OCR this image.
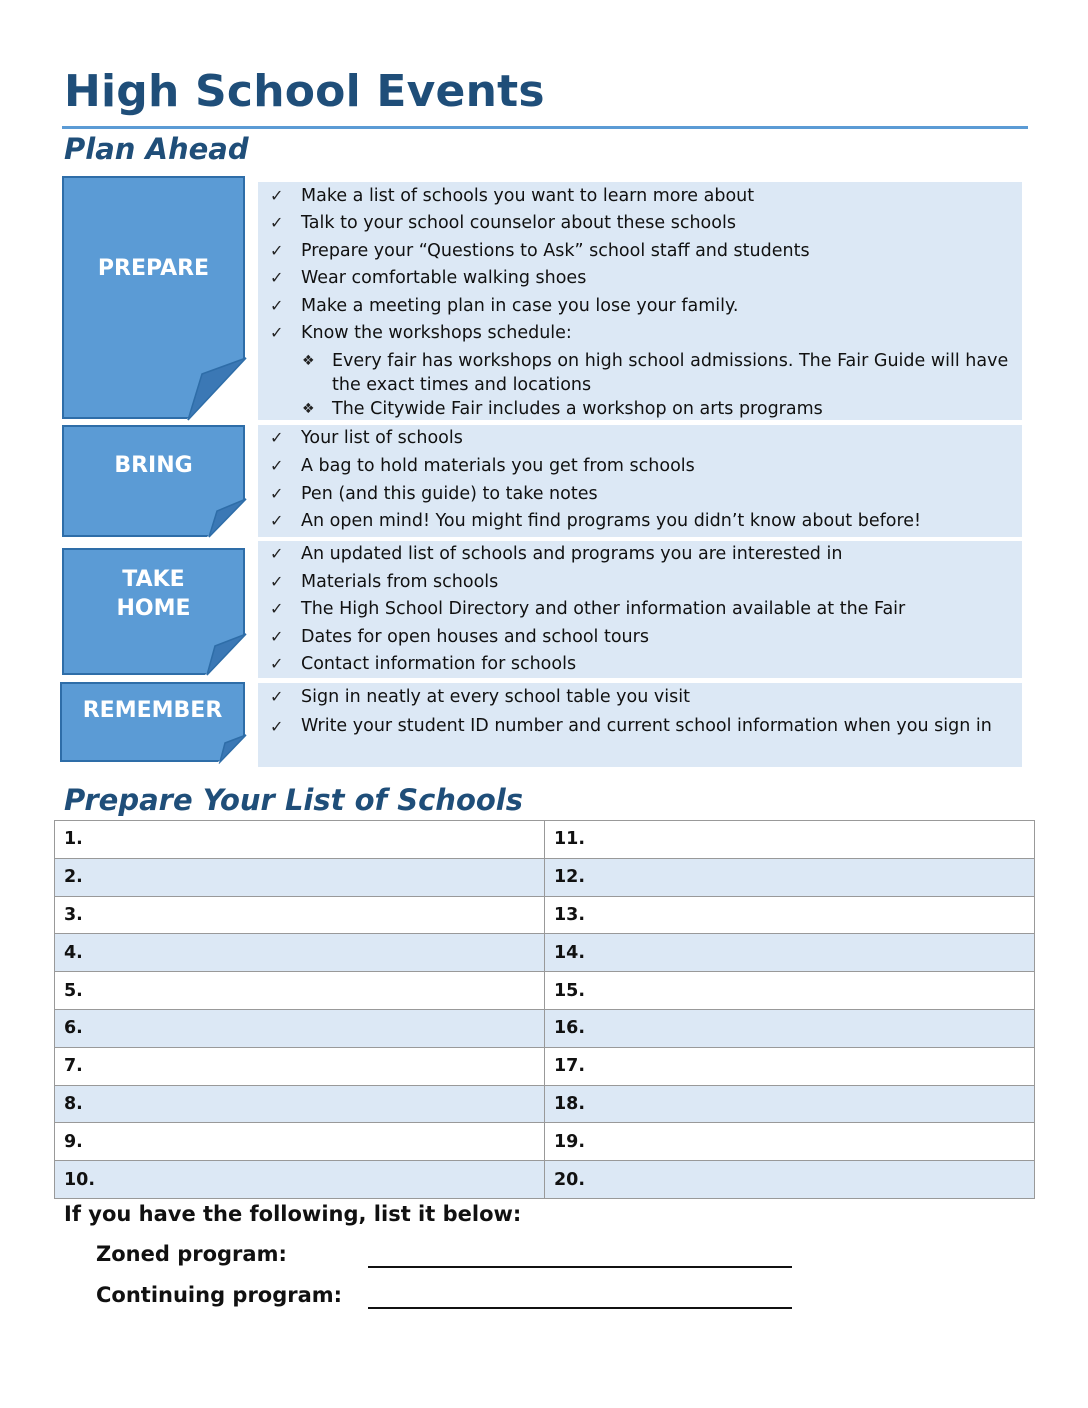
High School Events
Plan Ahead
PREPARE
✓	Make a list of schools you want to learn more about
✓	Talk to your school counselor about these schools
✓	Prepare your “Questions to Ask” school staff and students
✓	Wear comfortable walking shoes
✓	Make a meeting plan in case you lose your family.
✓	Know the workshops schedule:
❖ Every fair has workshops on high school admissions. The Fair Guide will have the exact times and locations
❖ The Citywide Fair includes a workshop on arts programs
BRING
✓	Your list of schools
✓	A bag to hold materials you get from schools
✓	Pen (and this guide) to take notes
✓	An open mind! You might find programs you didn’t know about before!
TAKE
HOME
✓	An updated list of schools and programs you are interested in
✓	Materials from schools
✓	The High School Directory and other information available at the Fair
✓	Dates for open houses and school tours
✓	Contact information for schools
REMEMBER
✓	Sign in neatly at every school table you visit
✓	Write your student ID number and current school information when you sign in
Prepare Your List of Schools
1.	11.
2.	12.
3.	13.
4.	14.
5.	15.
6.	16.
7.	17.
8.	18.
9.	19.
10.	20.
If you have the following, list it below:
Zoned program:
Continuing program:
